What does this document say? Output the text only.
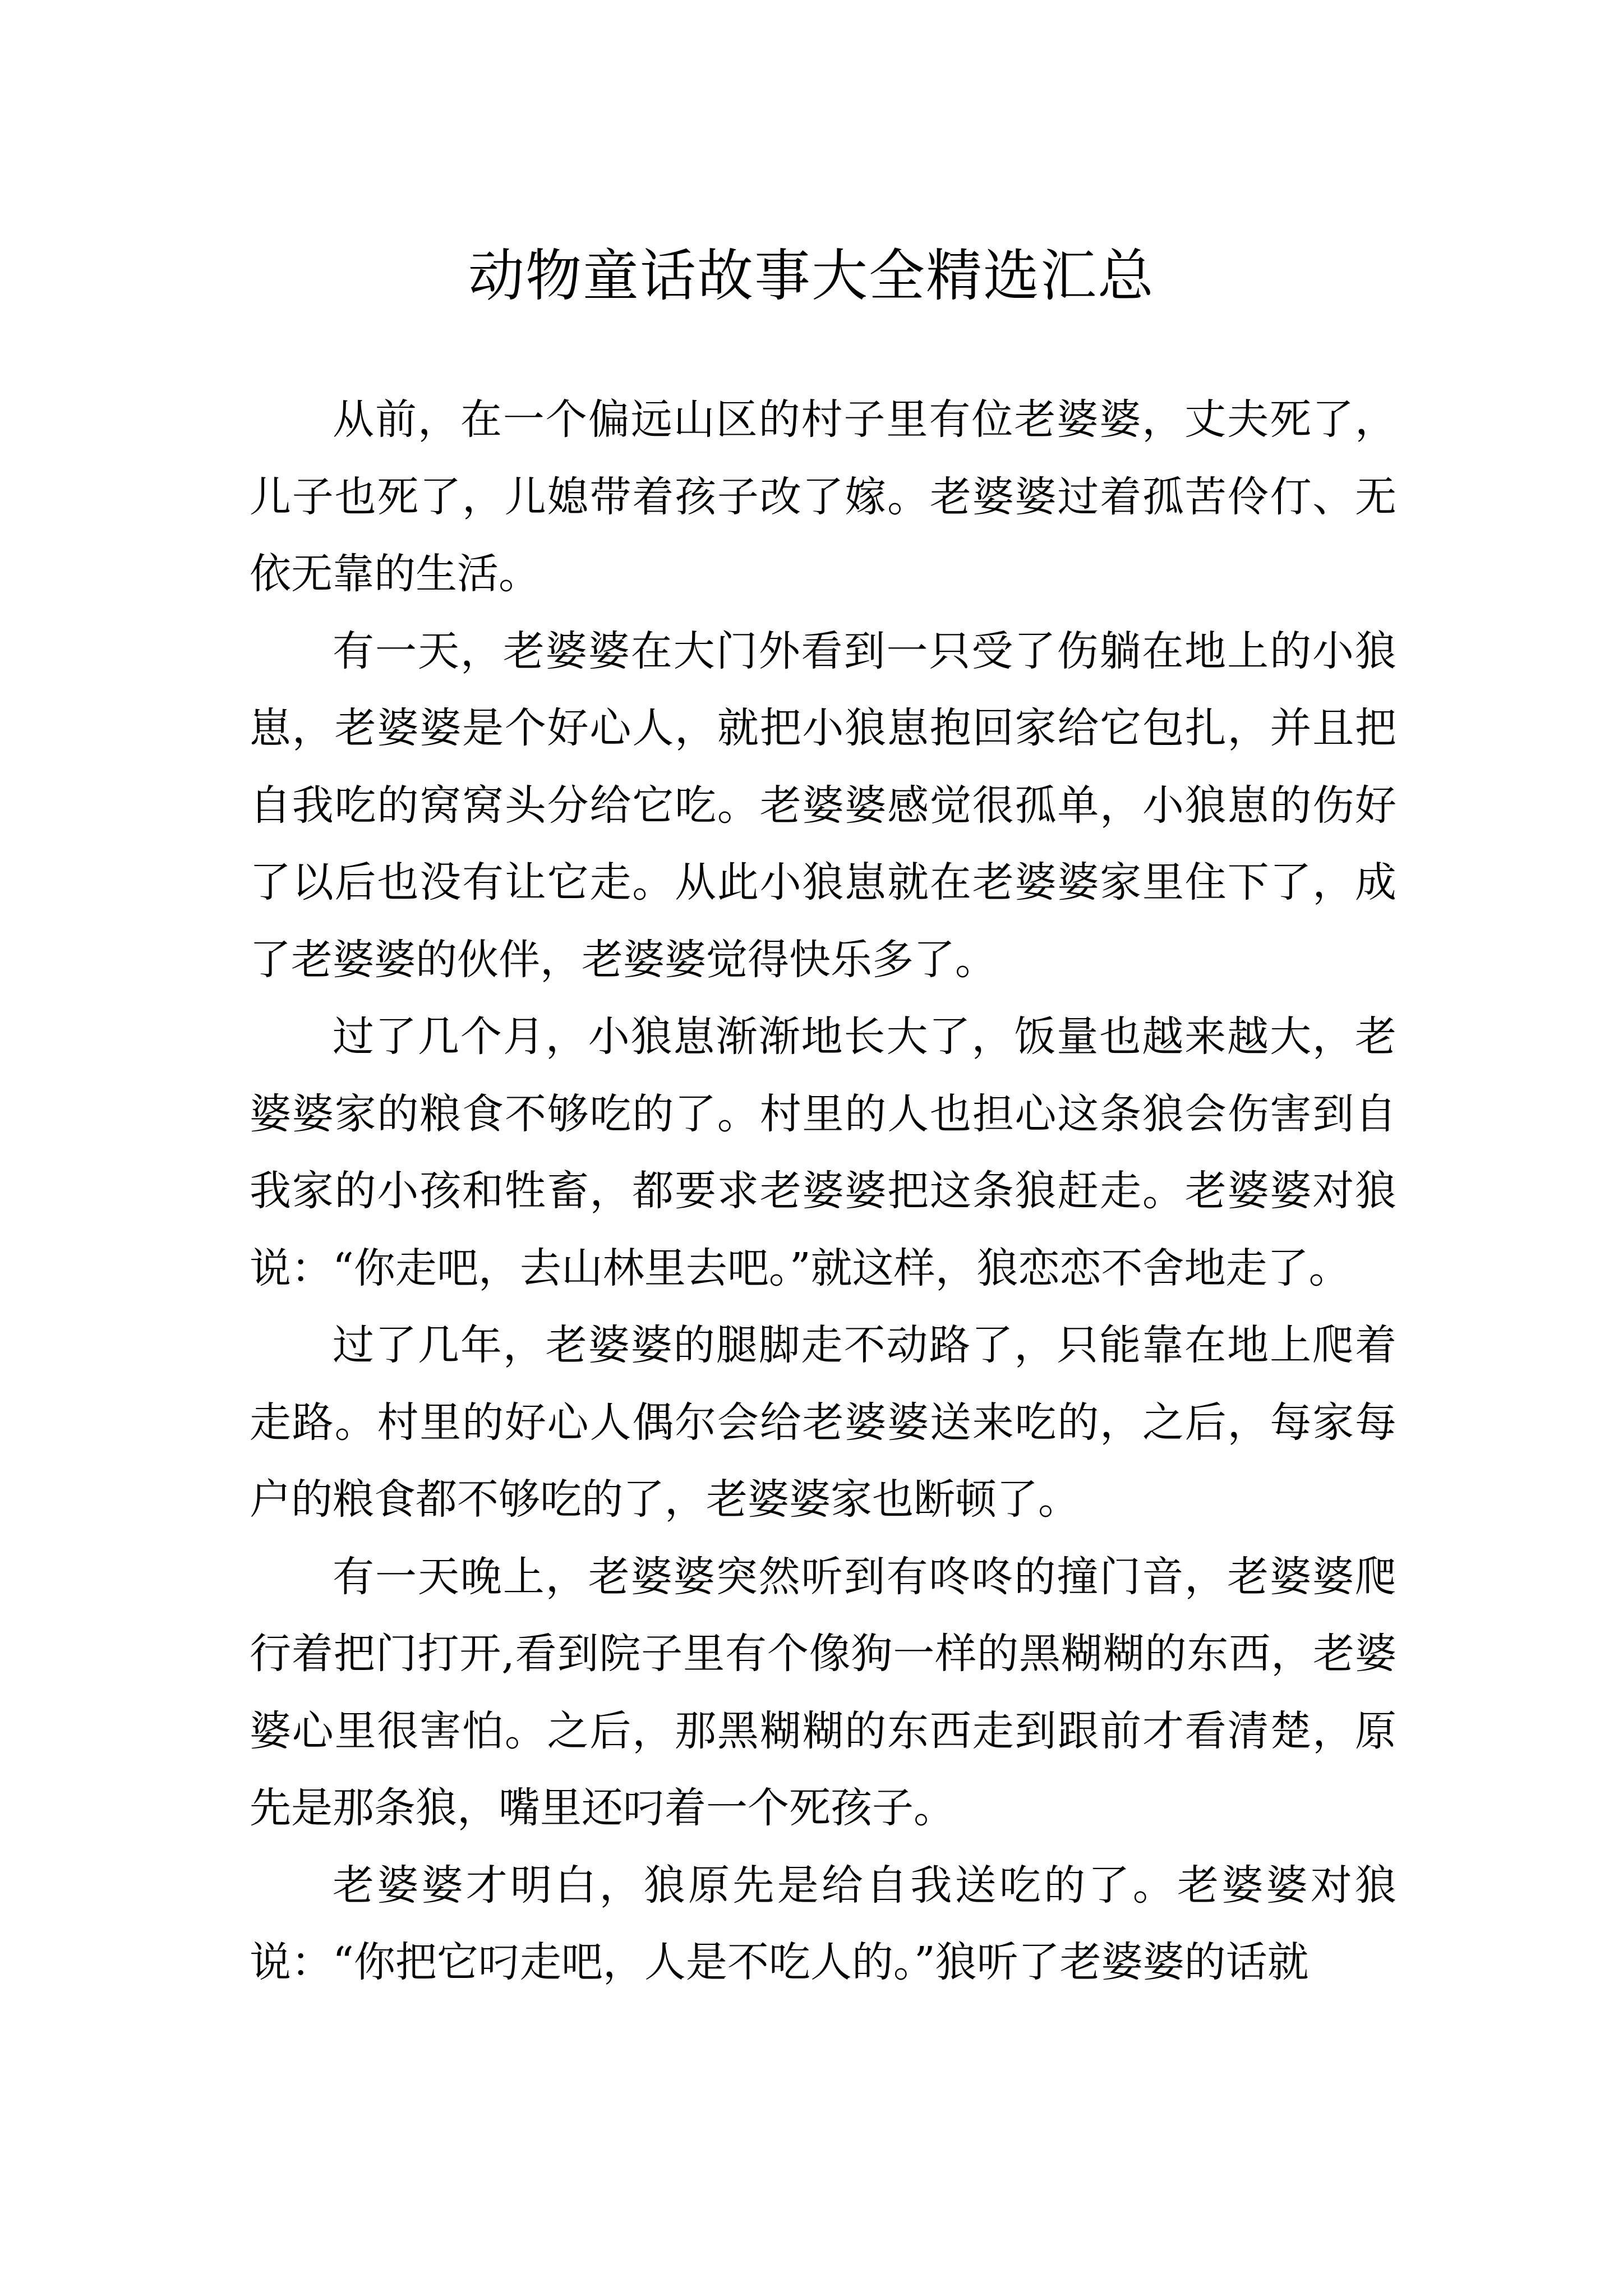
动物童话故事大全精选汇总

从前，在一个偏远山区的村子里有位老婆婆，丈夫死了，儿子也死了，儿媳带着孩子改了嫁。老婆婆过着孤苦伶仃、无依无靠的生活。

有一天，老婆婆在大门外看到一只受了伤躺在地上的小狼崽，老婆婆是个好心人，就把小狼崽抱回家给它包扎，并且把自我吃的窝窝头分给它吃。老婆婆感觉很孤单，小狼崽的伤好了以后也没有让它走。从此小狼崽就在老婆婆家里住下了，成了老婆婆的伙伴，老婆婆觉得快乐多了。

过了几个月，小狼崽渐渐地长大了，饭量也越来越大，老婆婆家的粮食不够吃的了。村里的人也担心这条狼会伤害到自我家的小孩和牲畜，都要求老婆婆把这条狼赶走。老婆婆对狼说：“你走吧，去山林里去吧。”就这样，狼恋恋不舍地走了。

过了几年，老婆婆的腿脚走不动路了，只能靠在地上爬着走路。村里的好心人偶尔会给老婆婆送来吃的，之后，每家每户的粮食都不够吃的了，老婆婆家也断顿了。

有一天晚上，老婆婆突然听到有咚咚的撞门音，老婆婆爬行着把门打开,看到院子里有个像狗一样的黑糊糊的东西，老婆婆心里很害怕。之后，那黑糊糊的东西走到跟前才看清楚，原先是那条狼，嘴里还叼着一个死孩子。

老婆婆才明白，狼原先是给自我送吃的了。老婆婆对狼说：“你把它叼走吧，人是不吃人的。”狼听了老婆婆的话就
